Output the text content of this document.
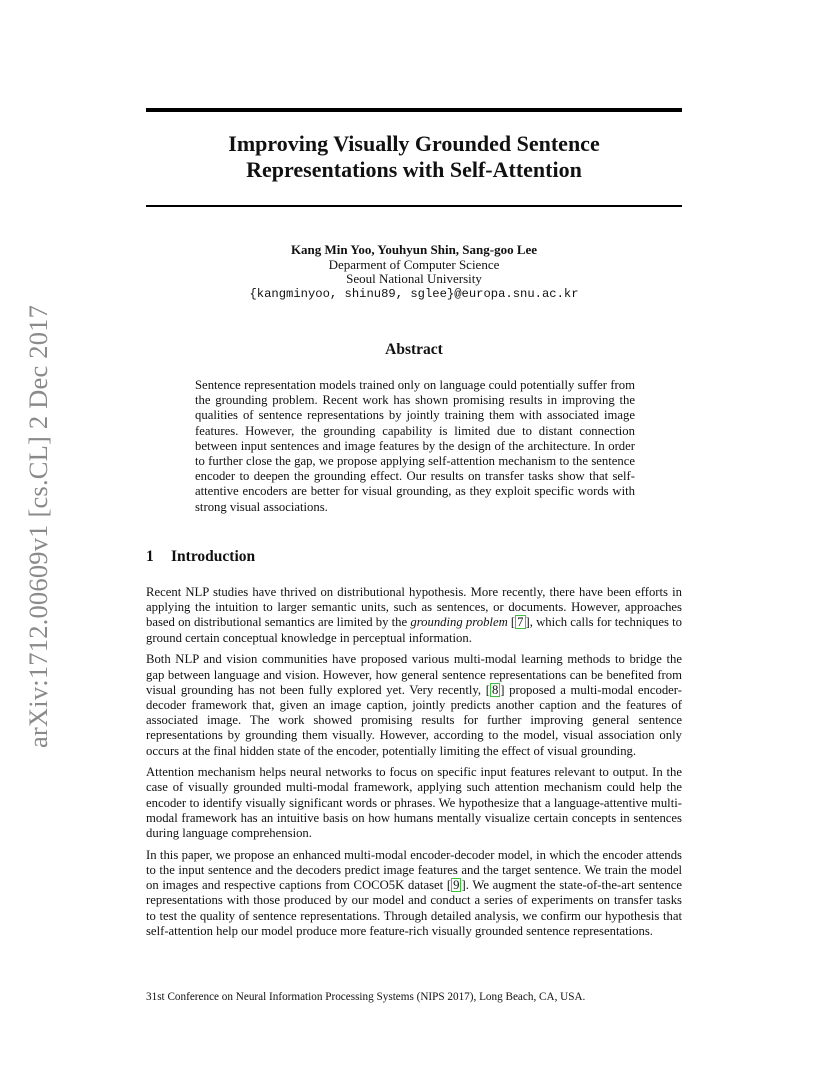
arXiv:1712.00609v1 [cs.CL] 2 Dec 2017
Improving Visually Grounded Sentence
Representations with Self-Attention
Kang Min Yoo, Youhyun Shin, Sang-goo Lee
Deparment of Computer Science
Seoul National University
{kangminyoo, shinu89, sglee}@europa.snu.ac.kr
Abstract
Sentence representation models trained only on language could potentially suffer from the grounding problem. Recent work has shown promising results in improving the qualities of sentence representations by jointly training them with associated image features. However, the grounding capability is limited due to distant connection between input sentences and image features by the design of the architecture. In order to further close the gap, we propose applying self-attention mechanism to the sentence encoder to deepen the grounding effect. Our results on transfer tasks show that self-attentive encoders are better for visual grounding, as they exploit specific words with strong visual associations.
1 Introduction

Recent NLP studies have thrived on distributional hypothesis. More recently, there have been efforts in applying the intuition to larger semantic units, such as sentences, or documents. However, approaches based on distributional semantics are limited by the grounding problem [ 7 ], which calls for techniques to ground certain conceptual knowledge in perceptual information.

Both NLP and vision communities have proposed various multi-modal learning methods to bridge the gap between language and vision. However, how general sentence representations can be benefited from visual grounding has not been fully explored yet. Very recently, [ 8 ] proposed a multi-modal encoder-decoder framework that, given an image caption, jointly predicts another caption and the features of associated image. The work showed promising results for further improving general sentence representations by grounding them visually. However, according to the model, visual association only occurs at the final hidden state of the encoder, potentially limiting the effect of visual grounding.

Attention mechanism helps neural networks to focus on specific input features relevant to output. In the case of visually grounded multi-modal framework, applying such attention mechanism could help the encoder to identify visually significant words or phrases. We hypothesize that a language-attentive multi-modal framework has an intuitive basis on how humans mentally visualize certain concepts in sentences during language comprehension.

In this paper, we propose an enhanced multi-modal encoder-decoder model, in which the encoder attends to the input sentence and the decoders predict image features and the target sentence. We train the model on images and respective captions from COCO5K dataset [ 9 ]. We augment the state-of-the-art sentence representations with those produced by our model and conduct a series of experiments on transfer tasks to test the quality of sentence representations. Through detailed analysis, we confirm our hypothesis that self-attention help our model produce more feature-rich visually grounded sentence representations.

31st Conference on Neural Information Processing Systems (NIPS 2017), Long Beach, CA, USA.
